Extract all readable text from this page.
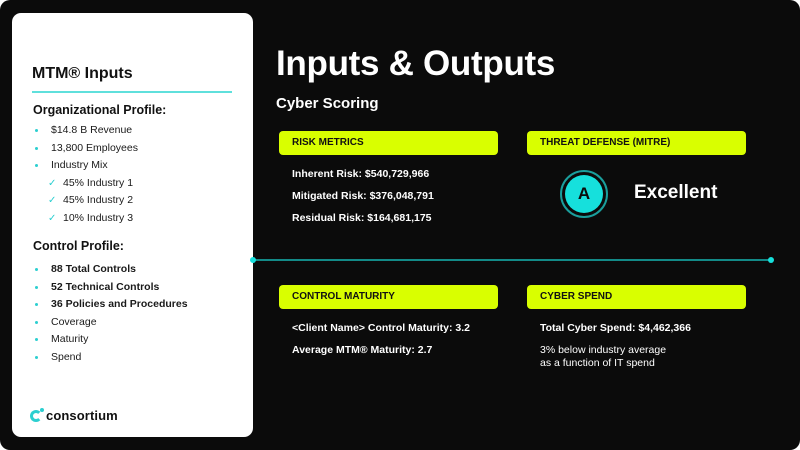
MTM® Inputs
Organizational Profile:
$14.8 B Revenue
13,800 Employees
Industry Mix
✓ 45% Industry 1
✓ 45% Industry 2
✓ 10% Industry 3
Control Profile:
88 Total Controls
52 Technical Controls
36 Policies and Procedures
Coverage
Maturity
Spend
consortium
Inputs & Outputs
Cyber Scoring
RISK METRICS
Inherent Risk: $540,729,966
Mitigated Risk: $376,048,791
Residual Risk: $164,681,175
THREAT DEFENSE (MITRE)
A	Excellent
CONTROL MATURITY
<Client Name> Control Maturity: 3.2
Average MTM® Maturity: 2.7
CYBER SPEND
Total Cyber Spend: $4,462,366
3% below industry average
as a function of IT spend
